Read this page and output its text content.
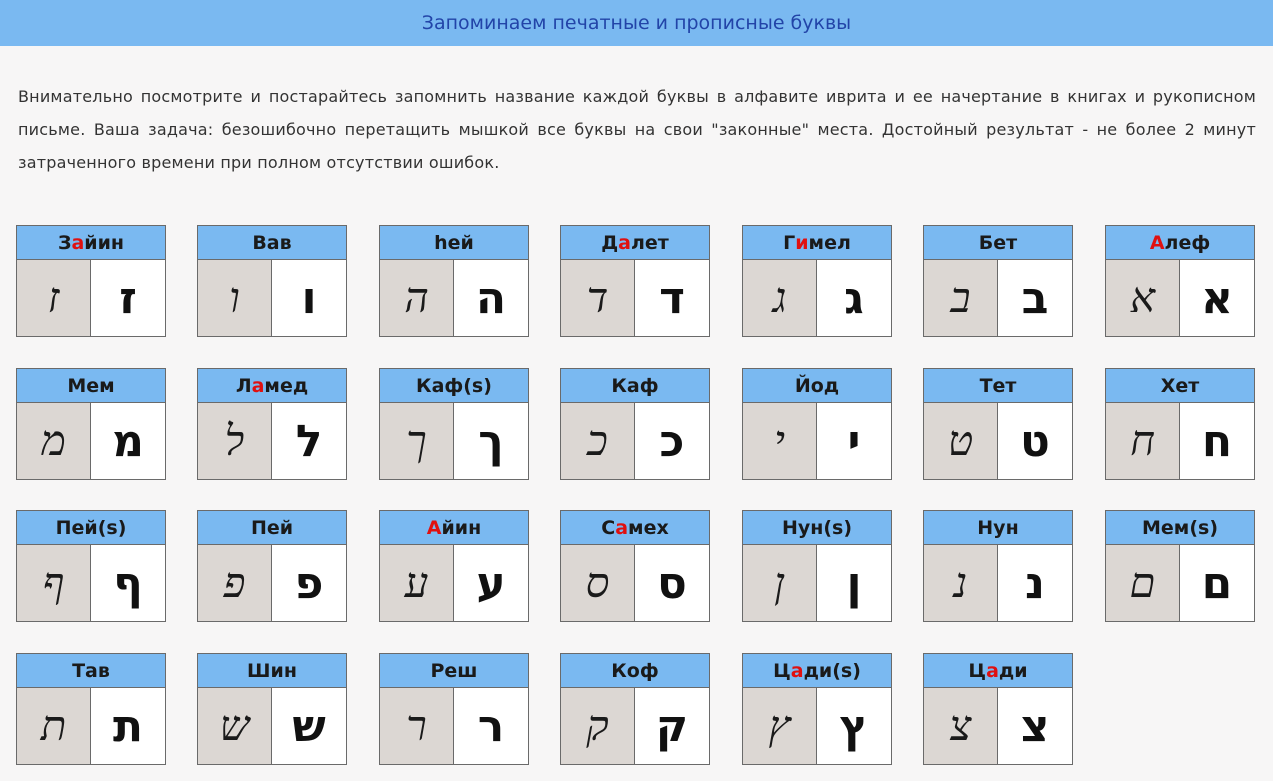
Запоминаем печатные и прописные буквы
Внимательно посмотрите и постарайтесь запомнить название каждой буквы в алфавите иврита и ее начертание в книгах и рукописном письме. Ваша задача: безошибочно перетащить мышкой все буквы на свои "законные" места. Достойный результат - не более 2 минут затраченного времени при полном отсутствии ошибок.
З а йин
ז	ז
Вав
ו	ו
hей
ה	ה
Д а лет
ד	ד
Г и мел
ג	ג
Бет
ב	ב
А леф
א	א
Мем
מ	מ
Л а мед
ל	ל
Каф(s)
ך	ך
Каф
כ	כ
Йод
י	י
Тет
ט	ט
Хет
ח	ח
Пей(s)
ף	ף
Пей
פ	פ
А йин
ע	ע
С а мех
ס	ס
Нун(s)
ן	ן
Нун
נ	נ
Мем(s)
ם	ם
Тав
ת	ת
Шин
ש ש
Реш
ר	ר
Коф
ק	ק
Ц а ди(s)
ץ	ץ
Ц а ди
צ	צ
